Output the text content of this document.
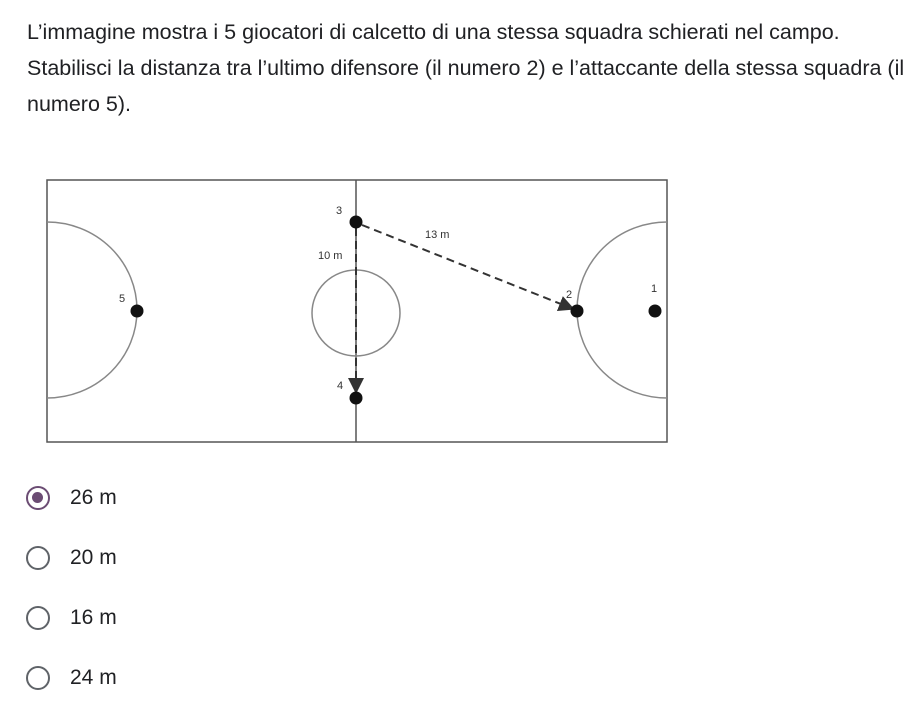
L’immagine mostra i 5 giocatori di calcetto di una stessa squadra schierati nel campo. Stabilisci la distanza tra l’ultimo difensore (il numero 2) e l’attaccante della stessa squadra (il numero 5).
3
4
5	2	1
10 m
13 m
26 m
20 m
16 m
24 m
